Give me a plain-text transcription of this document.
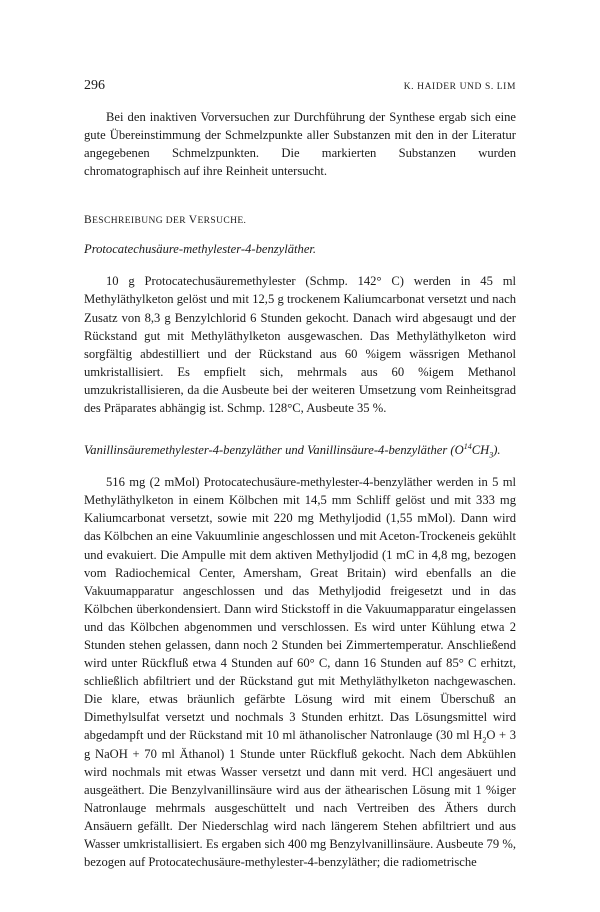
296	K. HAIDER UND S. LIM

Bei den inaktiven Vorversuchen zur Durchführung der Synthese ergab sich eine gute Übereinstimmung der Schmelzpunkte aller Substanzen mit den in der Literatur angegebenen Schmelzpunkten. Die markierten Substanzen wurden chromatographisch auf ihre Reinheit untersucht.

BESCHREIBUNG DER VERSUCHE.
Protocatechusäure-methylester-4-benzyläther.

10 g Protocatechusäuremethylester (Schmp. 142° C) werden in 45 ml Methyläthylketon gelöst und mit 12,5 g trockenem Kaliumcarbonat versetzt und nach Zusatz von 8,3 g Benzylchlorid 6 Stunden gekocht. Danach wird abgesaugt und der Rückstand gut mit Methyläthylketon ausgewaschen. Das Methyläthylketon wird sorgfältig abdestilliert und der Rückstand aus 60 %igem wässrigen Methanol umkristallisiert. Es empfielt sich, mehrmals aus 60 %igem Methanol umzukristallisieren, da die Ausbeute bei der weiteren Umsetzung vom Reinheitsgrad des Präparates abhängig ist. Schmp. 128°C, Ausbeute 35 %.

Vanillinsäuremethylester-4-benzyläther und Vanillinsäure-4-benzyläther $(O^{14}CH_3)$.

516 mg (2 mMol) Protocatechusäure-methylester-4-benzyläther werden in 5 ml Methyläthylketon in einem Kölbchen mit 14,5 mm Schliff gelöst und mit 333 mg Kaliumcarbonat versetzt, sowie mit 220 mg Methyljodid (1,55 mMol). Dann wird das Kölbchen an eine Vakuumlinie angeschlossen und mit Aceton-Trockeneis gekühlt und evakuiert. Die Ampulle mit dem aktiven Methyljodid (1 mC in 4,8 mg, bezogen vom Radiochemical Center, Amersham, Great Britain) wird ebenfalls an die Vakuumapparatur angeschlossen und das Methyljodid freigesetzt und in das Kölbchen überkondensiert. Dann wird Stickstoff in die Vakuumapparatur eingelassen und das Kölbchen abgenommen und verschlossen. Es wird unter Kühlung etwa 2 Stunden stehen gelassen, dann noch 2 Stunden bei Zimmertemperatur. Anschließend wird unter Rückfluß etwa 4 Stunden auf 60° C, dann 16 Stunden auf 85° C erhitzt, schließlich abfiltriert und der Rückstand gut mit Methyläthylketon nachgewaschen. Die klare, etwas bräunlich gefärbte Lösung wird mit einem Überschuß an Dimethylsulfat versetzt und nochmals 3 Stunden erhitzt. Das Lösungsmittel wird abgedampft und der Rückstand mit 10 ml äthanolischer Natronlauge (30 ml $H_2O + 3$ g NaOH + 70 ml Äthanol) 1 Stunde unter Rückfluß gekocht. Nach dem Abkühlen wird nochmals mit etwas Wasser versetzt und dann mit verd. HCl angesäuert und ausgeäthert. Die Benzylvanillinsäure wird aus der äthearischen Lösung mit 1 %iger Natronlauge mehrmals ausgeschüttelt und nach Vertreiben des Äthers durch Ansäuern gefällt. Der Niederschlag wird nach längerem Stehen abfiltriert und aus Wasser umkristallisiert. Es ergaben sich 400 mg Benzylvanillinsäure. Ausbeute 79 %, bezogen auf Protocatechusäure-methylester-4-benzyläther; die radiometrische
